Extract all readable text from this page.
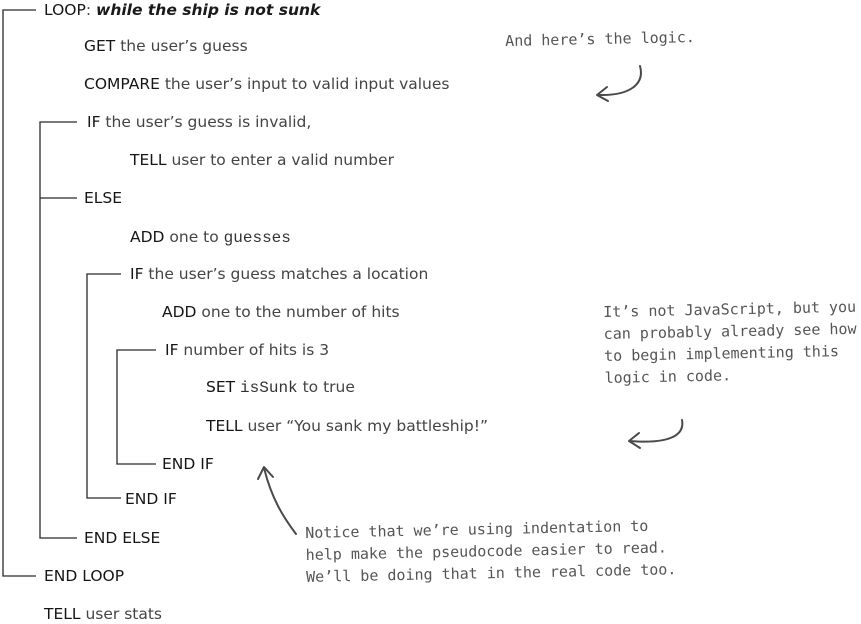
LOOP: while the ship is not sunk
GET the user’s guess
COMPARE the user’s input to valid input values
IF the user’s guess is invalid,
TELL user to enter a valid number
ELSE
ADD one to guesses
IF the user’s guess matches a location
ADD one to the number of hits
IF number of hits is 3
SET isSunk to true
TELL user “You sank my battleship!”
END IF
END IF
END ELSE
END LOOP
TELL user stats
And here’s the logic.
It’s not JavaScript, but you
can probably already see how
to begin implementing this
logic in code.
Notice that we’re using indentation to
help make the pseudocode easier to read.
We’ll be doing that in the real code too.
